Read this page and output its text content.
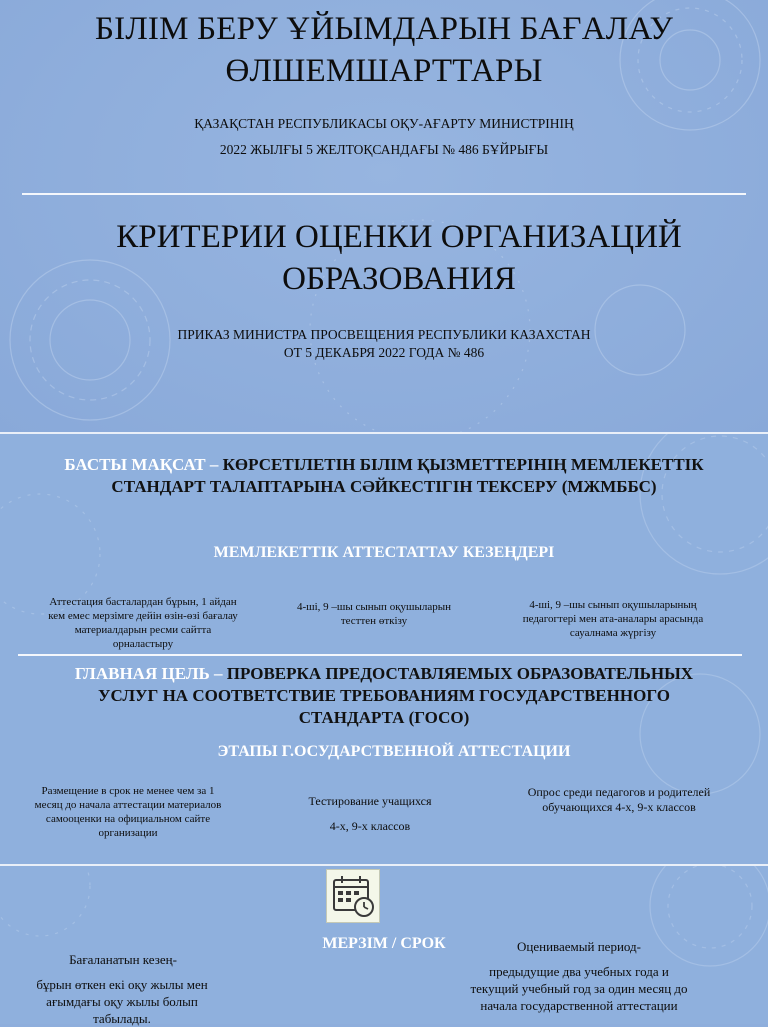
БІЛІМ БЕРУ ҰЙЫМДАРЫН БАҒАЛАУ ӨЛШЕМШАРТТАРЫ
ҚАЗАҚСТАН РЕСПУБЛИКАСЫ ОҚУ-АҒАРТУ МИНИСТРІНІҢ
2022 ЖЫЛҒЫ 5 ЖЕЛТОҚСАНДАҒЫ № 486 БҰЙРЫҒЫ
КРИТЕРИИ ОЦЕНКИ ОРГАНИЗАЦИЙ ОБРАЗОВАНИЯ
ПРИКАЗ МИНИСТРА ПРОСВЕЩЕНИЯ РЕСПУБЛИКИ КАЗАХСТАН
ОТ 5 ДЕКАБРЯ 2022 ГОДА № 486
БАСТЫ МАҚСАТ – КӨРСЕТІЛЕТІН БІЛІМ ҚЫЗМЕТТЕРІНІҢ МЕМЛЕКЕТТІК СТАНДАРТ ТАЛАПТАРЫНА СӘЙКЕСТІГІН ТЕКСЕРУ (МЖМББС)
МЕМЛЕКЕТТІК АТТЕСТАТТАУ КЕЗЕҢДЕРІ
Аттестация басталардан бұрын, 1 айдан кем емес мерзімге дейін өзін-өзі бағалау материалдарын ресми сайтта орналастыру
4-ші, 9 –шы сынып оқушыларын тесттен өткізу
4-ші, 9 –шы сынып оқушыларының педагогтері мен ата-аналары арасында сауалнама жүргізу
ГЛАВНАЯ ЦЕЛЬ – ПРОВЕРКА ПРЕДОСТАВЛЯЕМЫХ ОБРАЗОВАТЕЛЬНЫХ УСЛУГ НА СООТВЕТСТВИЕ ТРЕБОВАНИЯМ ГОСУДАРСТВЕННОГО СТАНДАРТА (ГОСО)
ЭТАПЫ Г.ОСУДАРСТВЕННОЙ АТТЕСТАЦИИ
Размещение в срок не менее чем за 1 месяц до начала аттестации материалов самооценки на официальном сайте организации
Тестирование учащихся
4-х, 9-х классов
Опрос среди педагогов и родителей обучающихся 4-х, 9-х классов
МЕРЗІМ / СРОК
Бағаланатын кезең-
бұрын өткен екі оқу жылы мен ағымдағы оқу жылы болып табылады.
Оцениваемый период-
предыдущие два учебных года и текущий учебный год за один месяц до начала государственной аттестации
